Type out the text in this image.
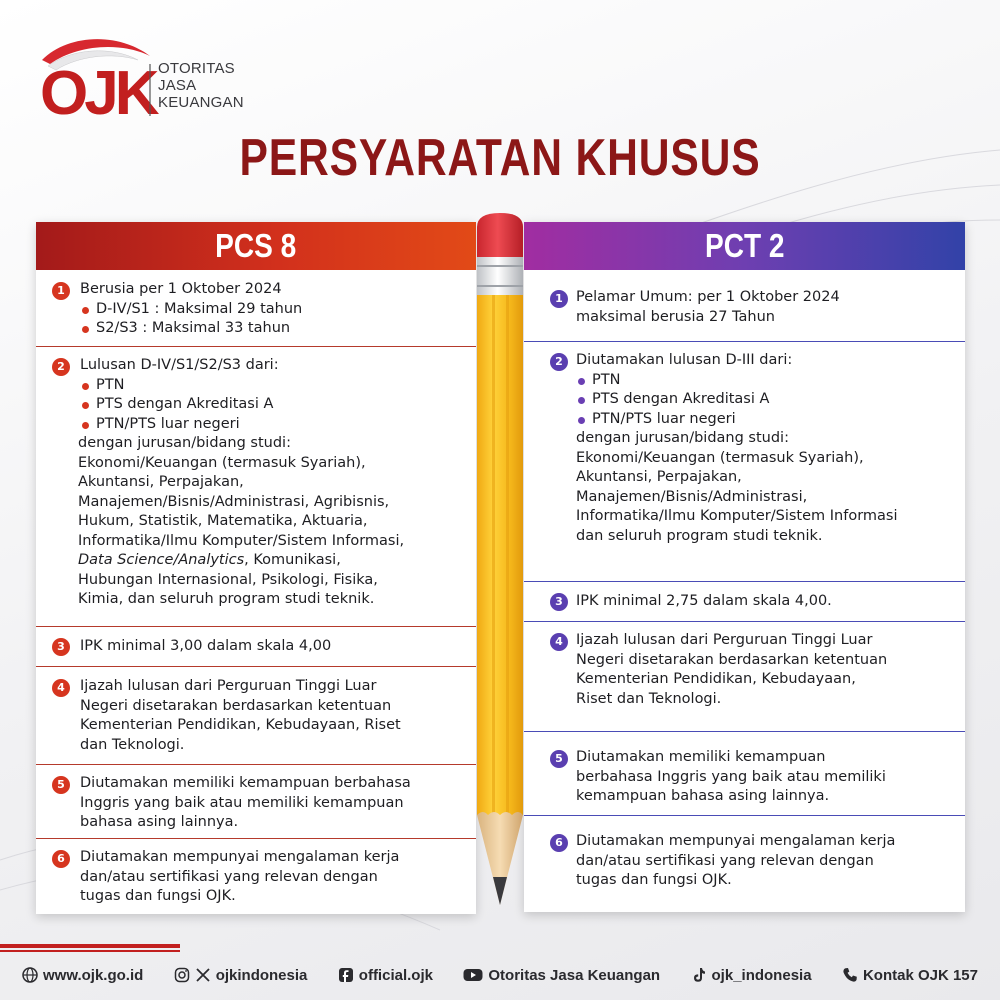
OJK OTORITAS
JASA
KEUANGAN
PERSYARATAN KHUSUS
PCS 8
1	Berusia per 1 Oktober 2024

D-IV/S1 : Maksimal 29 tahun

S2/S3 : Maksimal 33 tahun

2	Lulusan D-IV/S1/S2/S3 dari:

PTN

PTS dengan Akreditasi A

PTN/PTS luar negeri

dengan jurusan/bidang studi:

Ekonomi/Keuangan (termasuk Syariah),

Akuntansi, Perpajakan,

Manajemen/Bisnis/Administrasi, Agribisnis,

Hukum, Statistik, Matematika, Aktuaria,

Informatika/Ilmu Komputer/Sistem Informasi,

Data Science/Analytics, Komunikasi,

Hubungan Internasional, Psikologi, Fisika,

Kimia, dan seluruh program studi teknik.

3	IPK minimal 3,00 dalam skala 4,00

4	Ijazah lulusan dari Perguruan Tinggi Luar

Negeri disetarakan berdasarkan ketentuan

Kementerian Pendidikan, Kebudayaan, Riset

dan Teknologi.

5	Diutamakan memiliki kemampuan berbahasa

Inggris yang baik atau memiliki kemampuan

bahasa asing lainnya.

6	Diutamakan mempunyai mengalaman kerja

dan/atau sertifikasi yang relevan dengan

tugas dan fungsi OJK.

PCT 2
1 Pelamar Umum: per 1 Oktober 2024

maksimal berusia 27 Tahun

2 Diutamakan lulusan D-III dari:

PTN

PTS dengan Akreditasi A

PTN/PTS luar negeri

dengan jurusan/bidang studi:

Ekonomi/Keuangan (termasuk Syariah),

Akuntansi, Perpajakan,

Manajemen/Bisnis/Administrasi,

Informatika/Ilmu Komputer/Sistem Informasi

dan seluruh program studi teknik.

3 IPK minimal 2,75 dalam skala 4,00.

4 Ijazah lulusan dari Perguruan Tinggi Luar

Negeri disetarakan berdasarkan ketentuan

Kementerian Pendidikan, Kebudayaan,

Riset dan Teknologi.

5 Diutamakan memiliki kemampuan

berbahasa Inggris yang baik atau memiliki

kemampuan bahasa asing lainnya.

6 Diutamakan mempunyai mengalaman kerja

dan/atau sertifikasi yang relevan dengan

tugas dan fungsi OJK.

www.ojk.go.id	ojkindonesia	official.ojk	Otoritas Jasa Keuangan	ojk_indonesia	Kontak OJK 157
